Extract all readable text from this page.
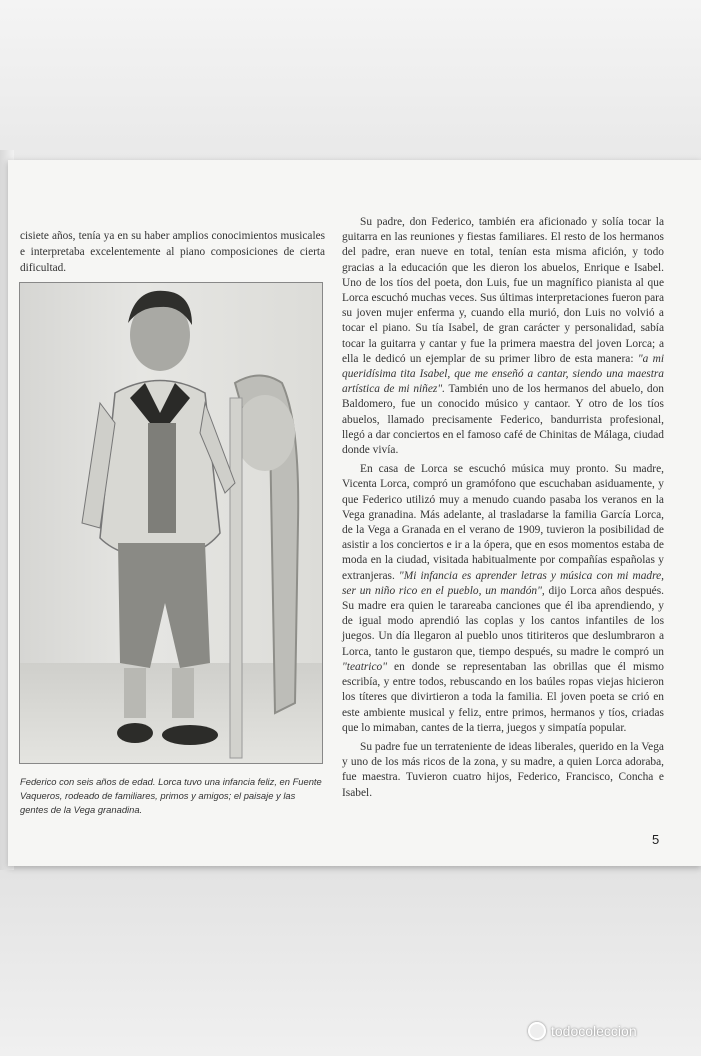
cisiete años, tenía ya en su haber amplios conocimientos musicales e interpretaba excelentemente al piano composiciones de cierta dificultad.
Federico con seis años de edad. Lorca tuvo una infancia feliz, en Fuente Vaqueros, rodeado de familiares, primos y amigos; el paisaje y las gentes de la Vega granadina.

Su padre, don Federico, también era aficionado y solía tocar la guitarra en las reuniones y fiestas familiares. El resto de los hermanos del padre, eran nueve en total, tenían esta misma afición, y todo gracias a la educación que les dieron los abuelos, Enrique e Isabel. Uno de los tíos del poeta, don Luis, fue un magnífico pianista al que Lorca escuchó muchas veces. Sus últimas interpretaciones fueron para su joven mujer enferma y, cuando ella murió, don Luis no volvió a tocar el piano. Su tía Isabel, de gran carácter y personalidad, sabía tocar la guitarra y cantar y fue la primera maestra del joven Lorca; a ella le dedicó un ejemplar de su primer libro de esta manera: "a mi queridísima tita Isabel, que me enseñó a cantar, siendo una maestra artística de mi niñez". También uno de los hermanos del abuelo, don Baldomero, fue un conocido músico y cantaor. Y otro de los tíos abuelos, llamado precisamente Federico, bandurrista profesional, llegó a dar conciertos en el famoso café de Chinitas de Málaga, ciudad donde vivía.

En casa de Lorca se escuchó música muy pronto. Su madre, Vicenta Lorca, compró un gramófono que escuchaban asiduamente, y que Federico utilizó muy a menudo cuando pasaba los veranos en la Vega granadina. Más adelante, al trasladarse la familia García Lorca, de la Vega a Granada en el verano de 1909, tuvieron la posibilidad de asistir a los conciertos e ir a la ópera, que en esos momentos estaba de moda en la ciudad, visitada habitualmente por compañías españolas y extranjeras. "Mi infancia es aprender letras y música con mi madre, ser un niño rico en el pueblo, un mandón", dijo Lorca años después. Su madre era quien le tarareaba canciones que él iba aprendiendo, y de igual modo aprendió las coplas y los cantos infantiles de los juegos. Un día llegaron al pueblo unos titiriteros que deslumbraron a Lorca, tanto le gustaron que, tiempo después, su madre le compró un "teatrico" en donde se representaban las obrillas que él mismo escribía, y entre todos, rebuscando en los baúles ropas viejas hicieron los títeres que divirtieron a toda la familia. El joven poeta se crió en este ambiente musical y feliz, entre primos, hermanos y tíos, criadas que lo mimaban, cantes de la tierra, juegos y simpatía popular.

Su padre fue un terrateniente de ideas liberales, querido en la Vega y uno de los más ricos de la zona, y su madre, a quien Lorca adoraba, fue maestra. Tuvieron cuatro hijos, Federico, Francisco, Concha e Isabel.

5
todocoleccion
